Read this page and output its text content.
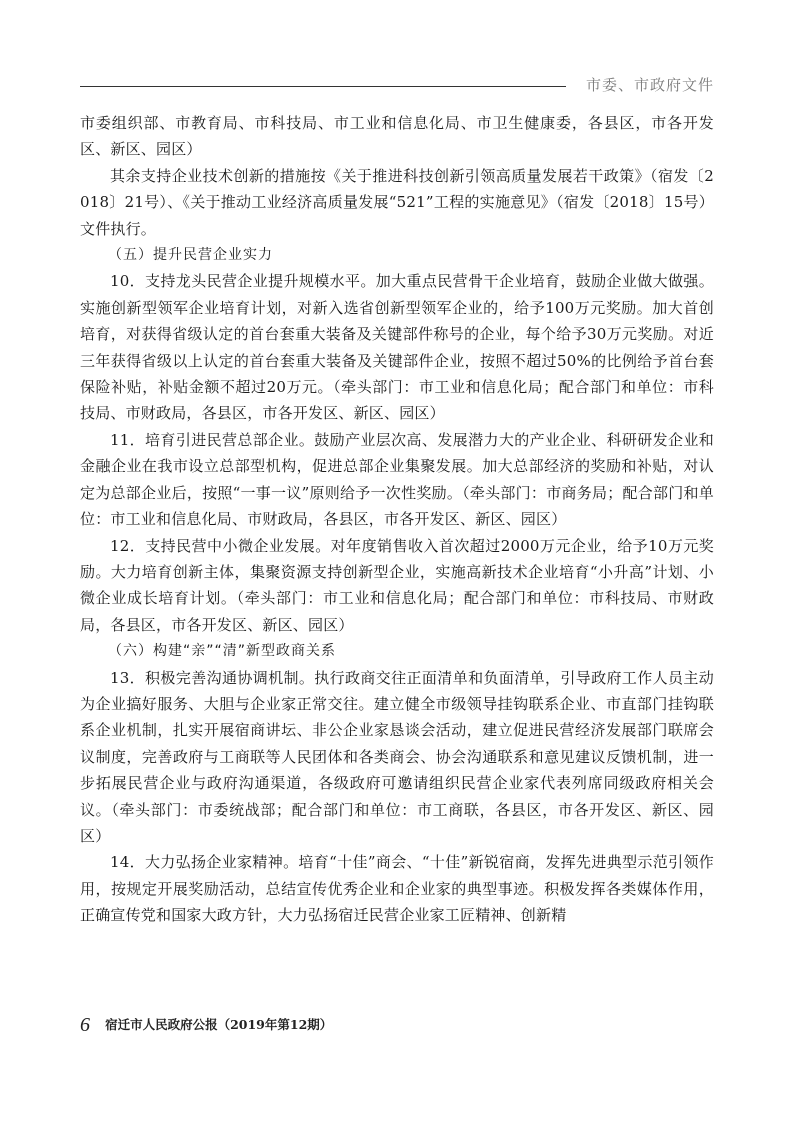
市委、市政府文件

市委组织部、市教育局、市科技局、市工业和信息化局、市卫生健康委，各县区，市各开发区、新区、园区）

其余支持企业技术创新的措施按《关于推进科技创新引领高质量发展若干政策》（宿发〔2018〕21号）、《关于推动工业经济高质量发展“521”工程的实施意见》（宿发〔2018〕15号）文件执行。

（五）提升民营企业实力

10．支持龙头民营企业提升规模水平。加大重点民营骨干企业培育，鼓励企业做大做强。实施创新型领军企业培育计划，对新入选省创新型领军企业的，给予100万元奖励。加大首创培育，对获得省级认定的首台套重大装备及关键部件称号的企业，每个给予30万元奖励。对近三年获得省级以上认定的首台套重大装备及关键部件企业，按照不超过50%的比例给予首台套保险补贴，补贴金额不超过20万元。（牵头部门：市工业和信息化局；配合部门和单位：市科技局、市财政局，各县区，市各开发区、新区、园区）

11．培育引进民营总部企业。鼓励产业层次高、发展潜力大的产业企业、科研研发企业和金融企业在我市设立总部型机构，促进总部企业集聚发展。加大总部经济的奖励和补贴，对认定为总部企业后，按照“一事一议”原则给予一次性奖励。（牵头部门：市商务局；配合部门和单位：市工业和信息化局、市财政局，各县区，市各开发区、新区、园区）

12．支持民营中小微企业发展。对年度销售收入首次超过2000万元企业，给予10万元奖励。大力培育创新主体，集聚资源支持创新型企业，实施高新技术企业培育“小升高”计划、小微企业成长培育计划。（牵头部门：市工业和信息化局；配合部门和单位：市科技局、市财政局，各县区，市各开发区、新区、园区）

（六）构建“亲”“清”新型政商关系

13．积极完善沟通协调机制。执行政商交往正面清单和负面清单，引导政府工作人员主动为企业搞好服务、大胆与企业家正常交往。建立健全市级领导挂钩联系企业、市直部门挂钩联系企业机制，扎实开展宿商讲坛、非公企业家恳谈会活动，建立促进民营经济发展部门联席会议制度，完善政府与工商联等人民团体和各类商会、协会沟通联系和意见建议反馈机制，进一步拓展民营企业与政府沟通渠道，各级政府可邀请组织民营企业家代表列席同级政府相关会议。（牵头部门：市委统战部；配合部门和单位：市工商联，各县区，市各开发区、新区、园区）

14．大力弘扬企业家精神。培育“十佳”商会、“十佳”新锐宿商，发挥先进典型示范引领作用，按规定开展奖励活动，总结宣传优秀企业和企业家的典型事迹。积极发挥各类媒体作用，正确宣传党和国家大政方针，大力弘扬宿迁民营企业家工匠精神、创新精

6 宿迁市人民政府公报（2019年第12期）
